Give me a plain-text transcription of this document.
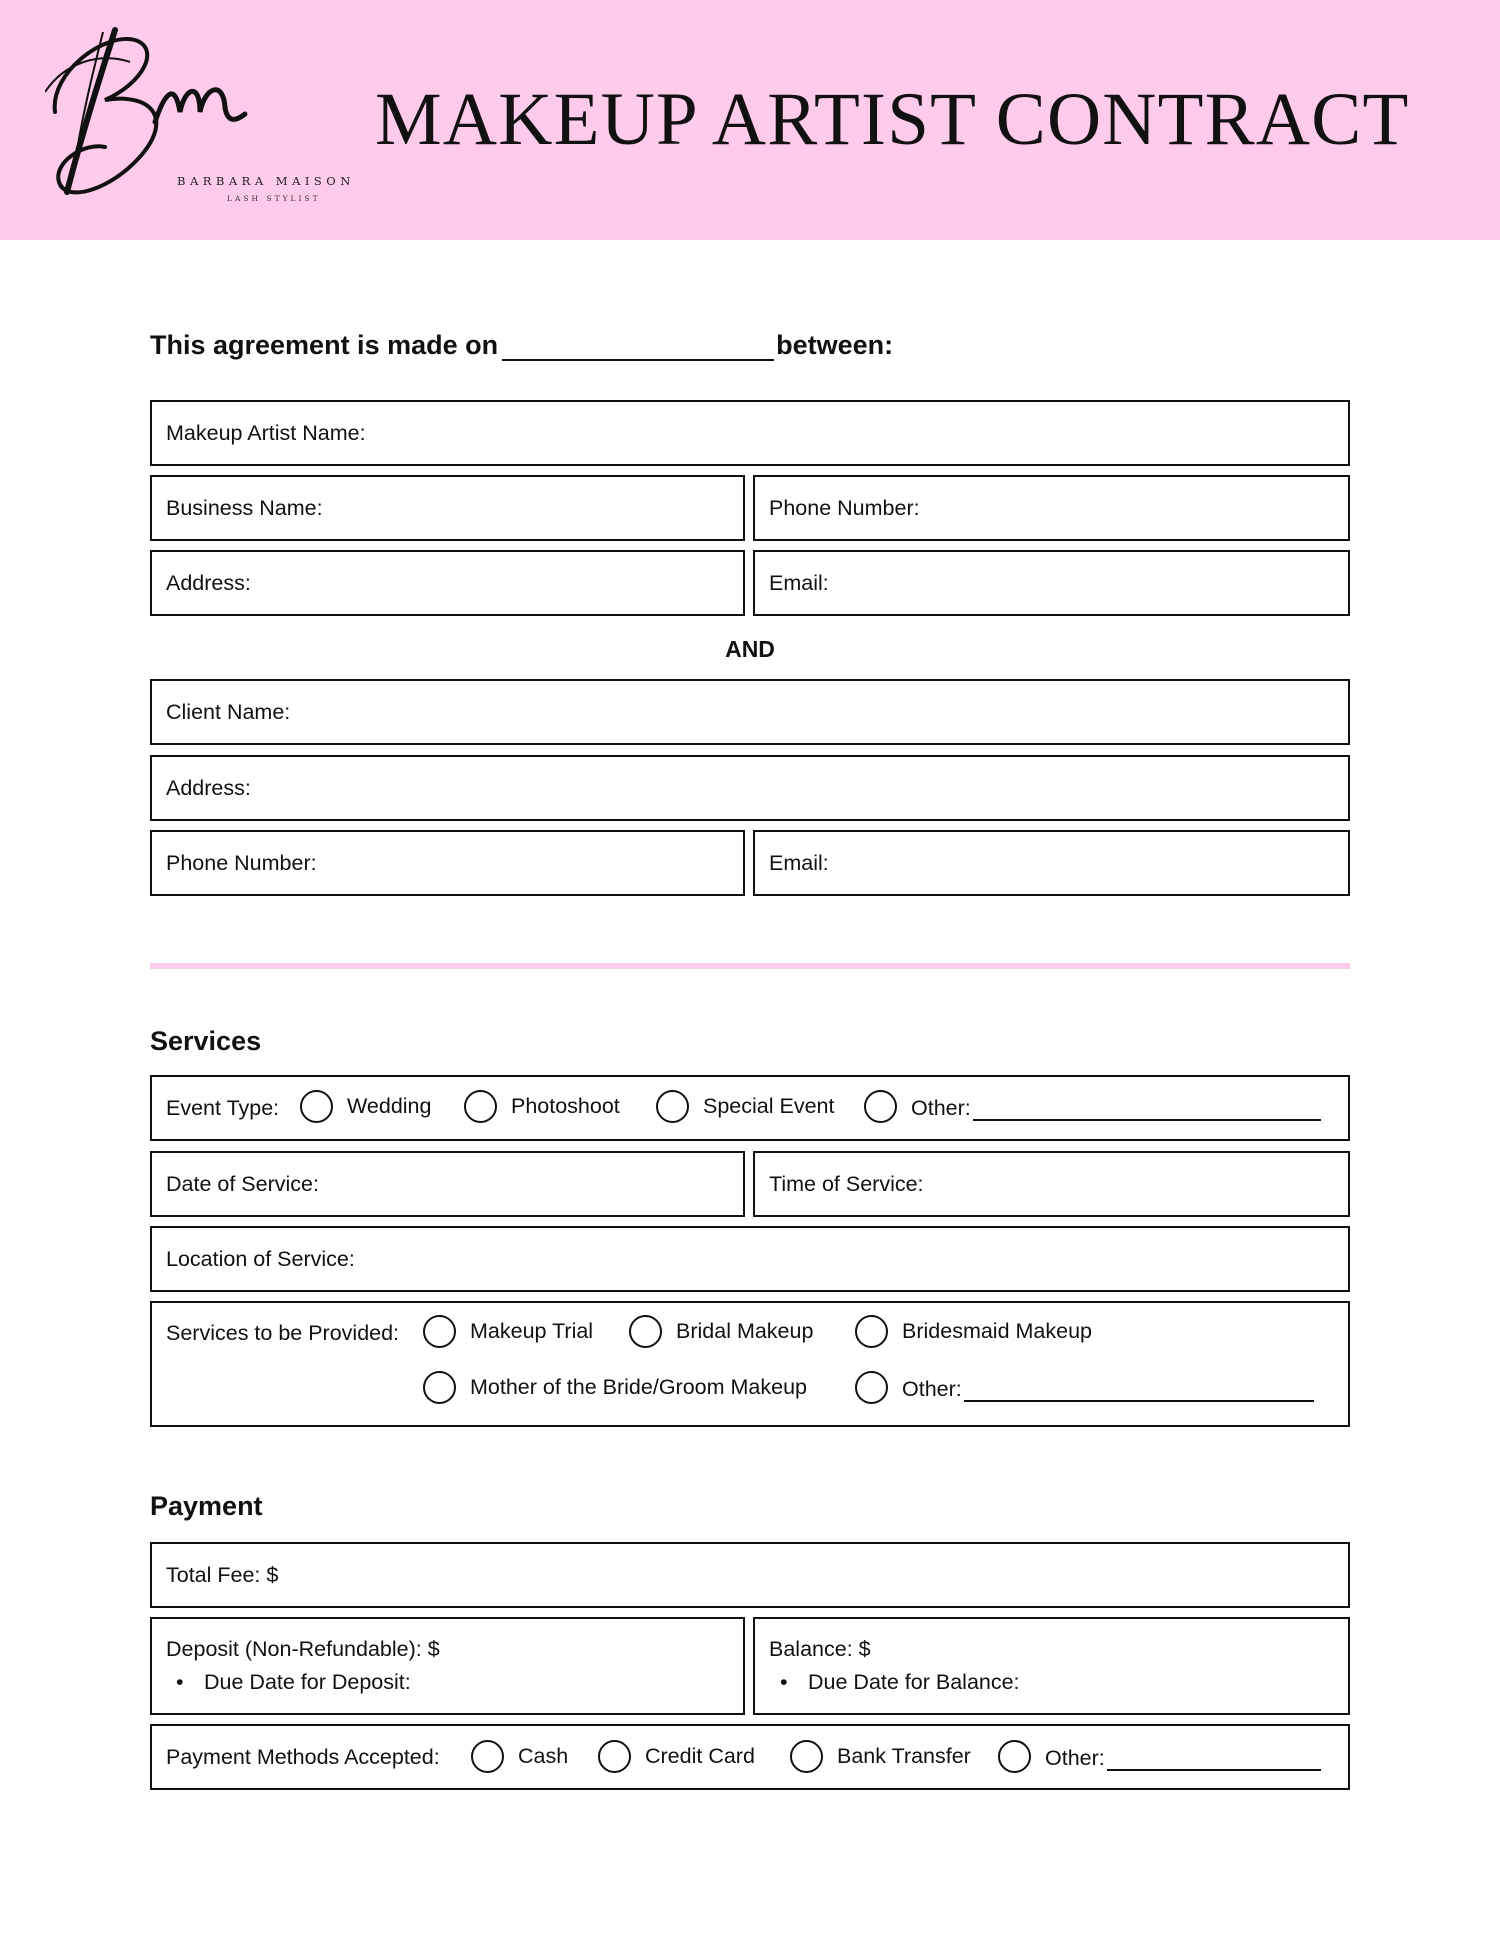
BARBARA MAISON
LASH STYLIST
MAKEUP ARTIST CONTRACT
This agreement is made on	between:
Makeup Artist Name:
Business Name:	Phone Number:
Address:	Email:
AND
Client Name:
Address:
Phone Number:	Email:
Services
Event Type:	Wedding	Photoshoot	Special Event	Other:
Date of Service:	Time of Service:
Location of Service:
Services to be Provided:	Makeup Trial	Bridal Makeup	Bridesmaid Makeup
Mother of the Bride/Groom Makeup	Other:
Payment
Total Fee: $
Deposit (Non-Refundable): $
• Due Date for Deposit:
Balance: $
• Due Date for Balance:
Payment Methods Accepted:	Cash	Credit Card	Bank Transfer	Other:
